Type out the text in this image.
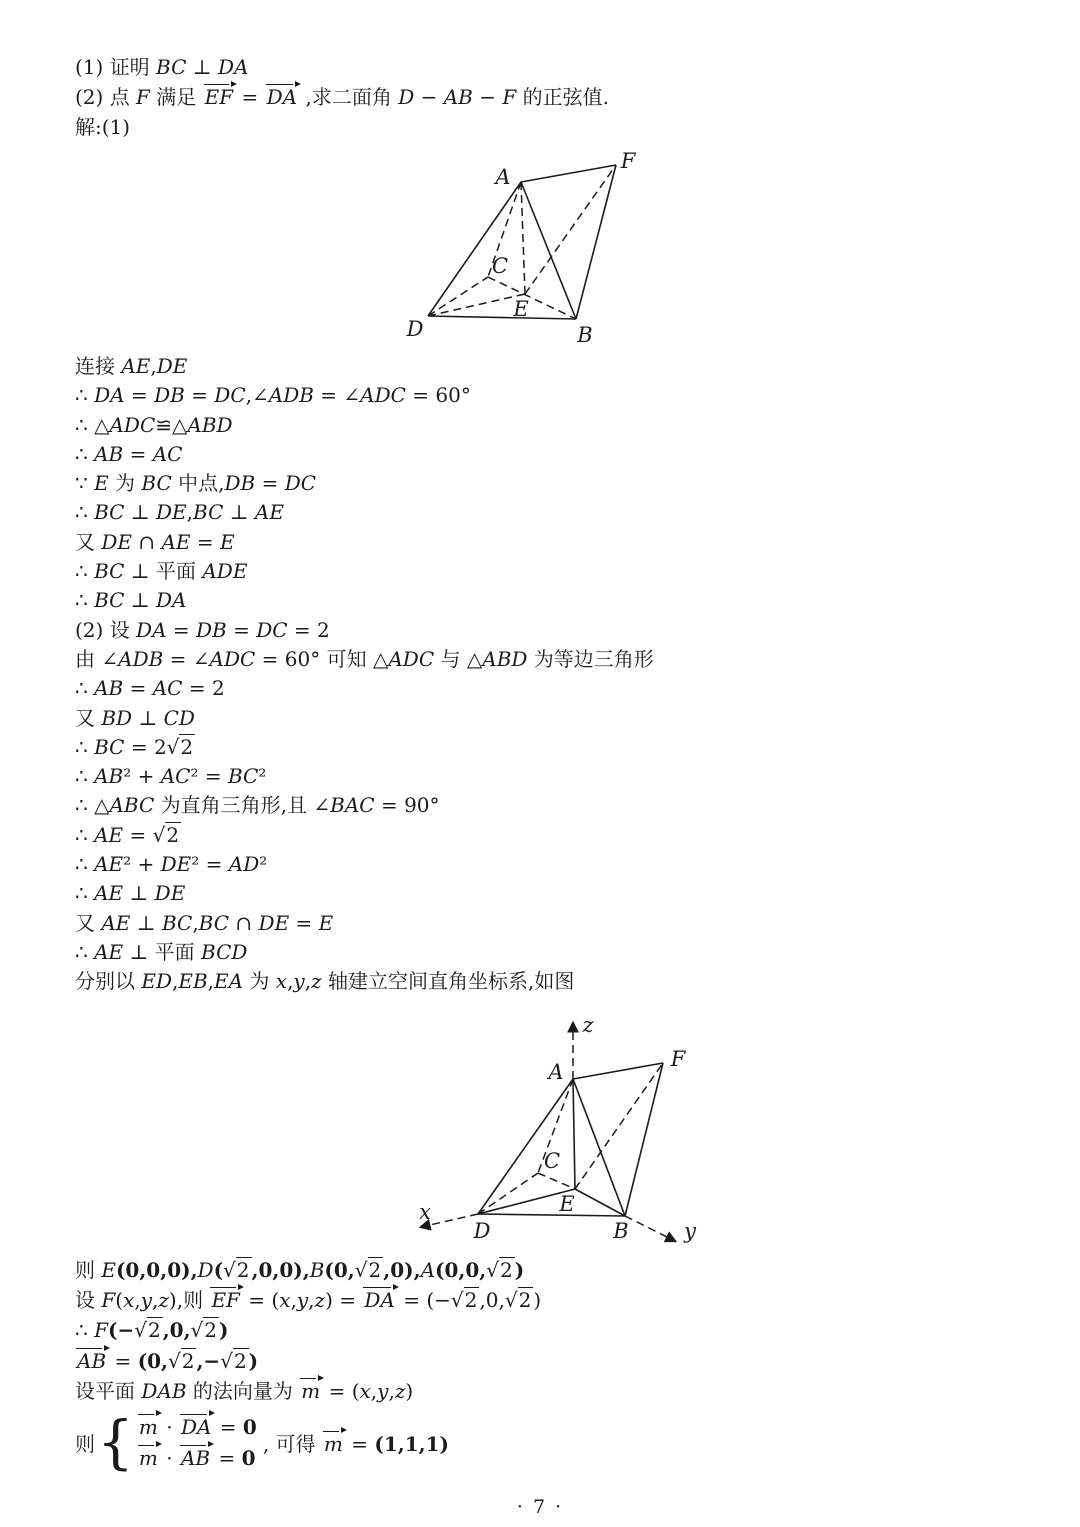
(1) 证明 BC ⊥ DA
(2) 点 F 满足 EF = DA ,求二面角 D − AB − F 的正弦值.
解:(1)
A
F
C
E
D	B
连接 AE,DE
∴ DA = DB = DC,∠ADB = ∠ADC = 60°
∴ △ADC≌△ABD
∴ AB = AC
∵ E 为 BC 中点,DB = DC
∴ BC ⊥ DE,BC ⊥ AE
又 DE ∩ AE = E
∴ BC ⊥ 平面 ADE
∴ BC ⊥ DA
(2) 设 DA = DB = DC = 2
由 ∠ADB = ∠ADC = 60° 可知 △ADC 与 △ABD 为等边三角形
∴ AB = AC = 2
又 BD ⊥ CD
∴ BC = 2√2
∴ AB² + AC² = BC²
∴ △ABC 为直角三角形,且 ∠BAC = 90°
∴ AE = √2
∴ AE² + DE² = AD²
∴ AE ⊥ DE
又 AE ⊥ BC,BC ∩ DE = E
∴ AE ⊥ 平面 BCD
分别以 ED,EB,EA 为 x,y,z 轴建立空间直角坐标系,如图
z
A
F
C
E
D	B
x
y
则 E(0,0,0),D(√2 ,0,0),B(0,√2 ,0),A(0,0,√2 )
设 F(x,y,z),则 EF = (x,y,z) = DA = (−√2 ,0,√2 )
∴ F(−√2 ,0,√2 )
AB = (0,√2 ,−√2 )
设平面 DAB 的法向量为 m = (x,y,z)
则 { m · DA = 0
m · AB = 0
, 可得 m = (1,1,1)
· 7 ·
